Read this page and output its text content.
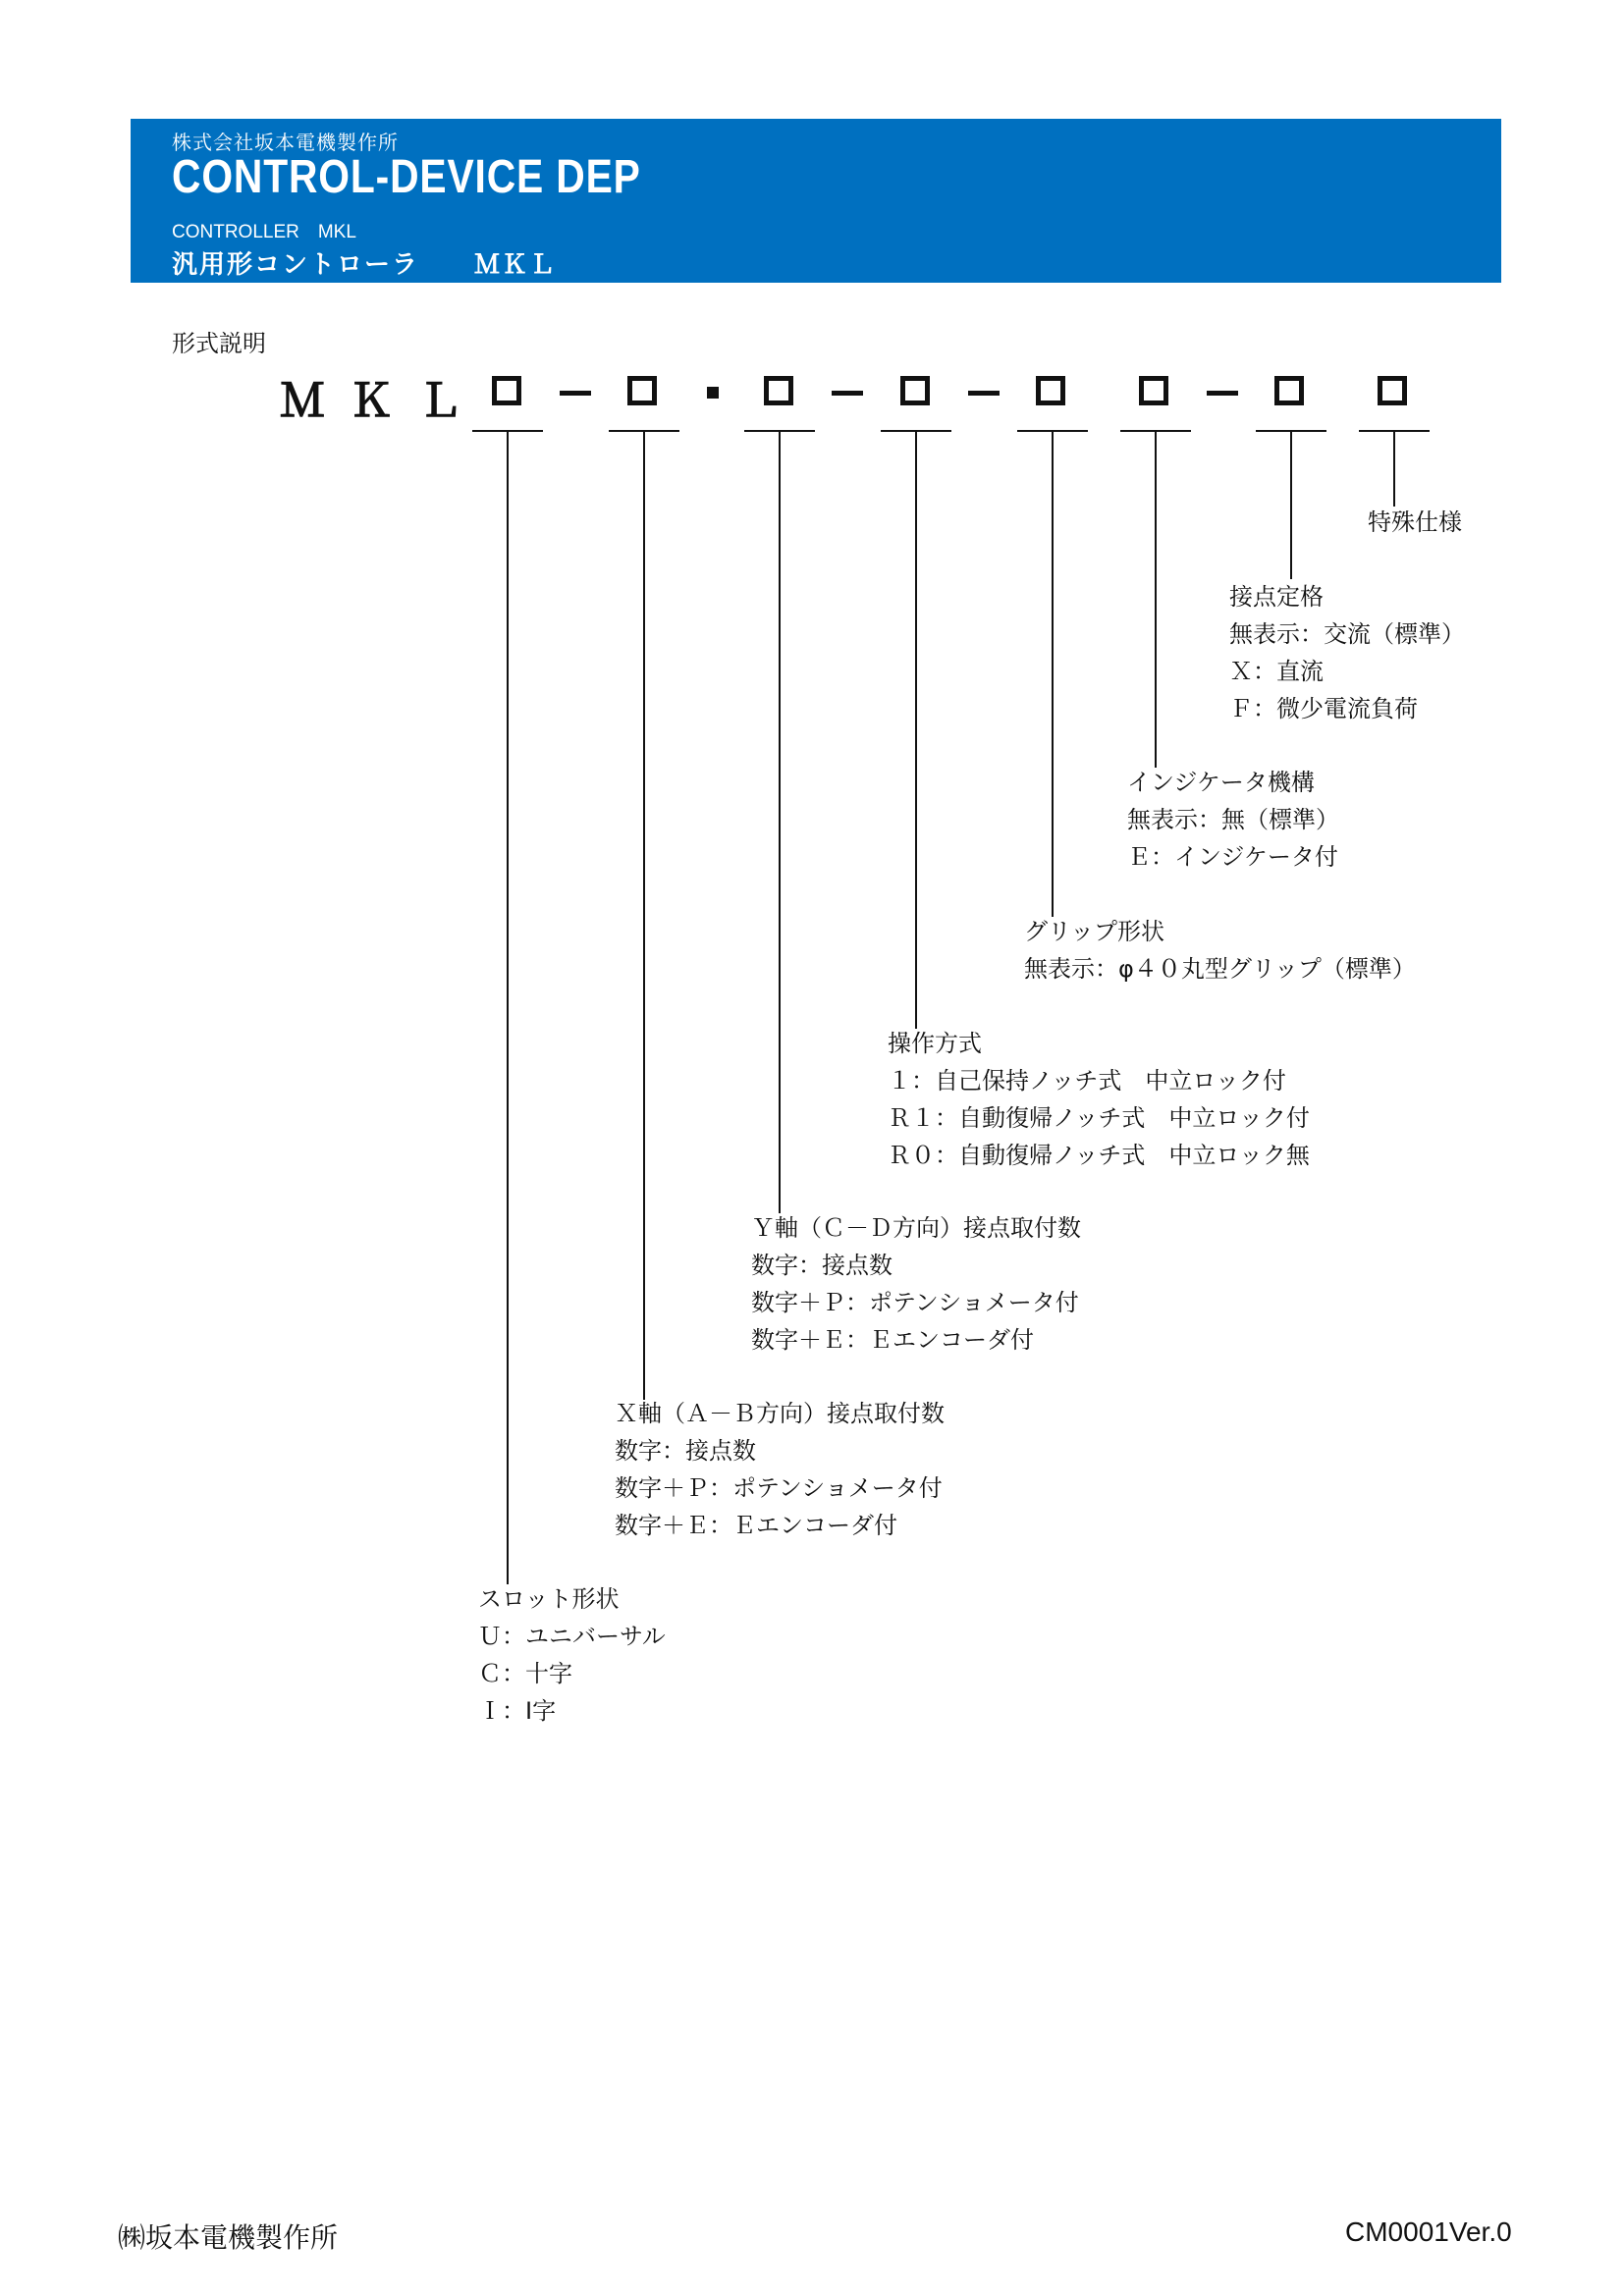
株式会社坂本電機製作所
CONTROL-DEVICE DEP
CONTROLLER　MKL
汎用形コントローラ　　ＭＫＬ
形式説明
Ｍ Ｋ Ｌ
特殊仕様
接点定格
無表示：交流（標準）
Ｘ：直流
Ｆ：微少電流負荷
インジケータ機構
無表示：無（標準）
Ｅ：インジケータ付
グリップ形状
無表示：φ４０丸型グリップ（標準）
操作方式
１：自己保持ノッチ式　中立ロック付
Ｒ１：自動復帰ノッチ式　中立ロック付
Ｒ０：自動復帰ノッチ式　中立ロック無
Ｙ軸（Ｃ－Ｄ方向）接点取付数
数字：接点数
数字＋Ｐ：ポテンショメータ付
数字＋Ｅ：Ｅエンコーダ付
Ｘ軸（Ａ－Ｂ方向）接点取付数
数字：接点数
数字＋Ｐ：ポテンショメータ付
数字＋Ｅ：Ｅエンコーダ付
スロット形状
Ｕ：ユニバーサル
Ｃ：十字
Ｉ：Ⅰ字
㈱坂本電機製作所	CM0001Ver.0
